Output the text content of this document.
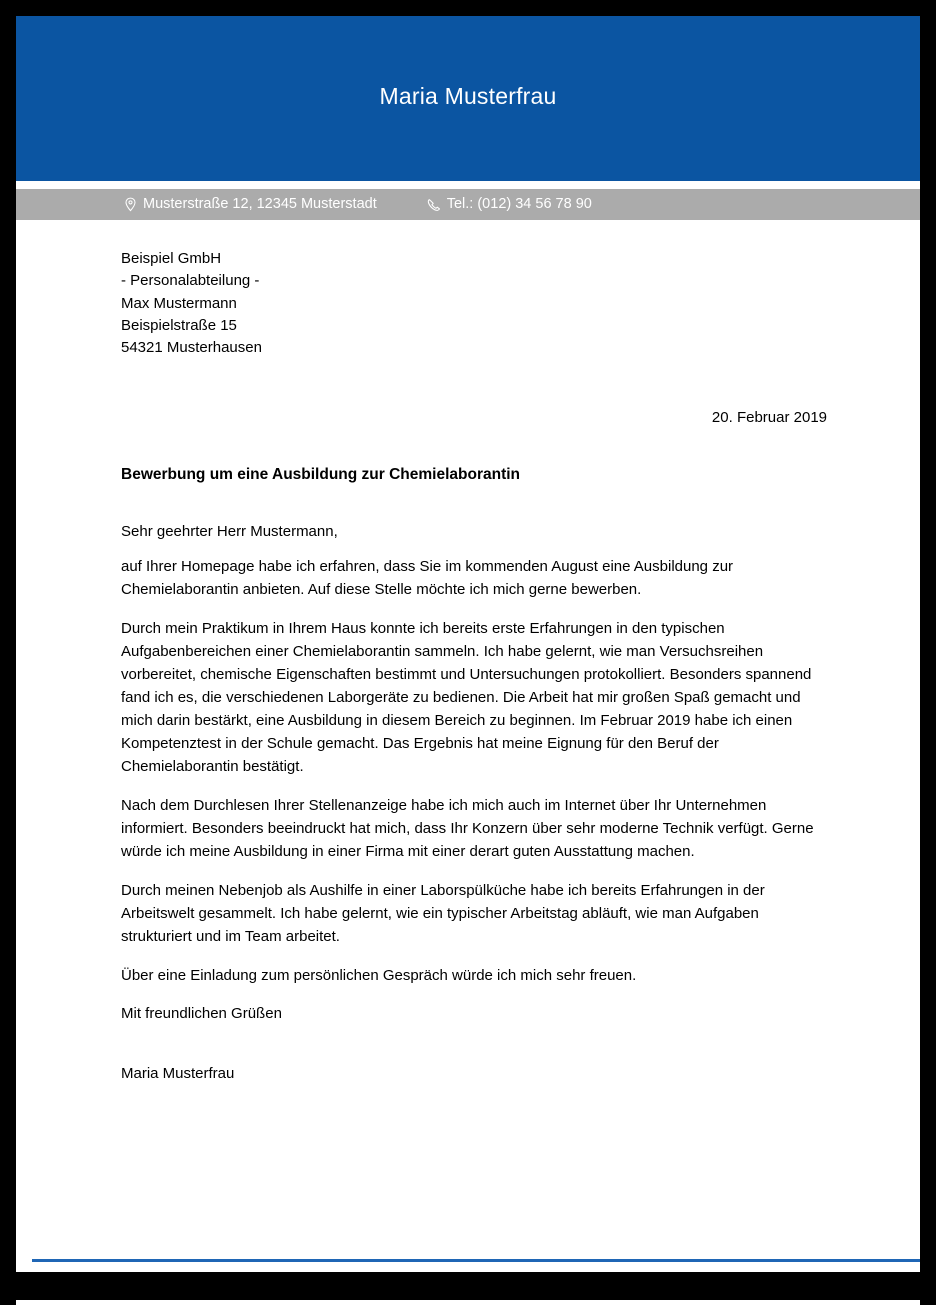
Maria Musterfrau
Musterstraße 12, 12345 Musterstadt	Tel.: (012) 34 56 78 90
Beispiel GmbH
- Personalabteilung -
Max Mustermann
Beispielstraße 15
54321 Musterhausen
20. Februar 2019
Bewerbung um eine Ausbildung zur Chemielaborantin
Sehr geehrter Herr Mustermann,

auf Ihrer Homepage habe ich erfahren, dass Sie im kommenden August eine Ausbildung zur Chemielaborantin anbieten. Auf diese Stelle möchte ich mich gerne bewerben.

Durch mein Praktikum in Ihrem Haus konnte ich bereits erste Erfahrungen in den typischen Aufgabenbereichen einer Chemielaborantin sammeln. Ich habe gelernt, wie man Versuchsreihen vorbereitet, chemische Eigenschaften bestimmt und Untersuchungen protokolliert. Besonders spannend fand ich es, die verschiedenen Laborgeräte zu bedienen. Die Arbeit hat mir großen Spaß gemacht und mich darin bestärkt, eine Ausbildung in diesem Bereich zu beginnen. Im Februar 2019 habe ich einen Kompetenztest in der Schule gemacht. Das Ergebnis hat meine Eignung für den Beruf der Chemielaborantin bestätigt.

Nach dem Durchlesen Ihrer Stellenanzeige habe ich mich auch im Internet über Ihr Unternehmen informiert. Besonders beeindruckt hat mich, dass Ihr Konzern über sehr moderne Technik verfügt. Gerne würde ich meine Ausbildung in einer Firma mit einer derart guten Ausstattung machen.

Durch meinen Nebenjob als Aushilfe in einer Laborspülküche habe ich bereits Erfahrungen in der Arbeitswelt gesammelt. Ich habe gelernt, wie ein typischer Arbeitstag abläuft, wie man Aufgaben strukturiert und im Team arbeitet.

Über eine Einladung zum persönlichen Gespräch würde ich mich sehr freuen.

Mit freundlichen Grüßen
Maria Musterfrau
